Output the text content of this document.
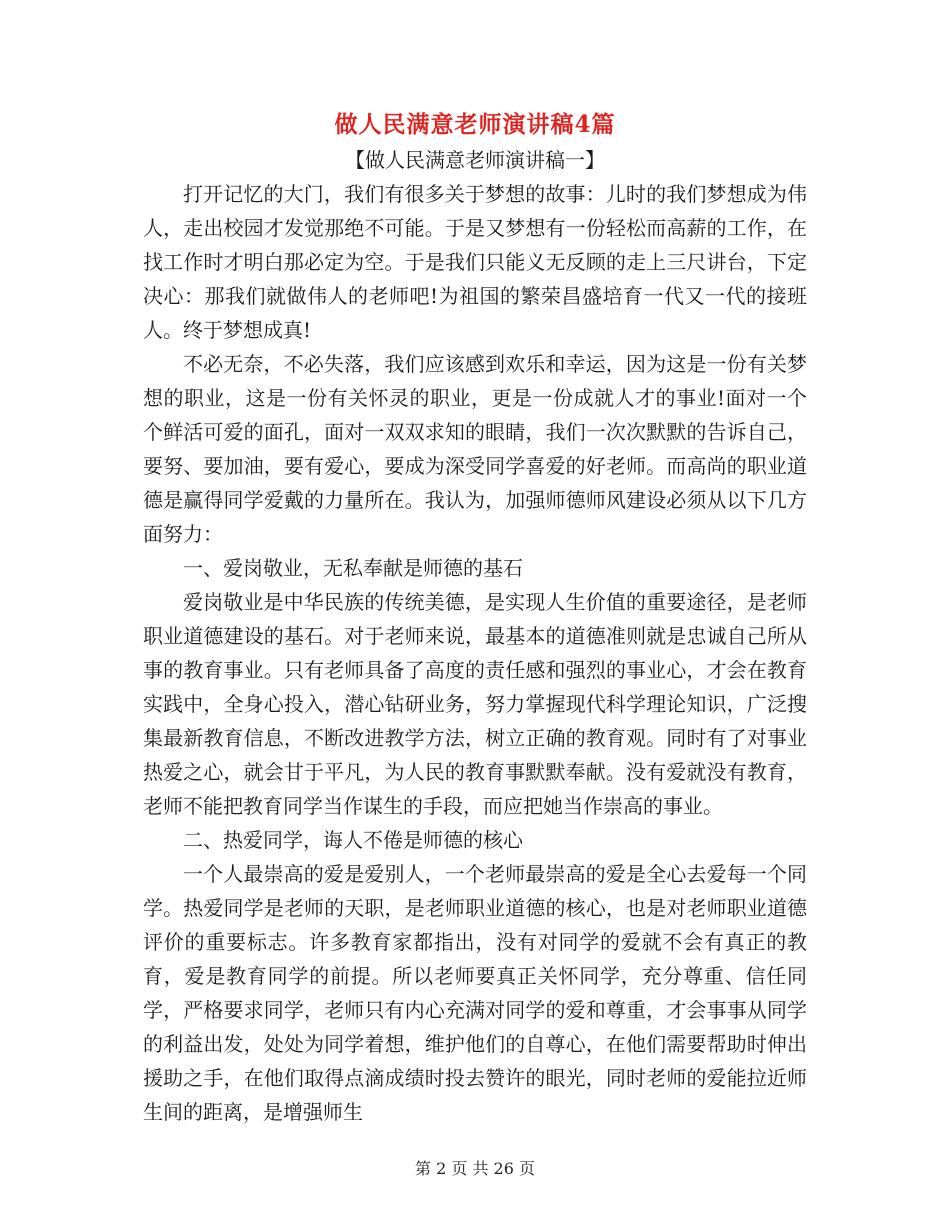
做人民满意老师演讲稿4篇
【做人民满意老师演讲稿一】

打开记忆的大门，我们有很多关于梦想的故事：儿时的我们梦想成为伟人，走出校园才发觉那绝不可能。于是又梦想有一份轻松而高薪的工作，在找工作时才明白那必定为空。于是我们只能义无反顾的走上三尺讲台，下定决心：那我们就做伟人的老师吧!为祖国的繁荣昌盛培育一代又一代的接班人。终于梦想成真!

不必无奈，不必失落，我们应该感到欢乐和幸运，因为这是一份有关梦想的职业，这是一份有关怀灵的职业，更是一份成就人才的事业!面对一个个鲜活可爱的面孔，面对一双双求知的眼睛，我们一次次默默的告诉自己，要努、要加油，要有爱心，要成为深受同学喜爱的好老师。而高尚的职业道德是赢得同学爱戴的力量所在。我认为，加强师德师风建设必须从以下几方面努力：

一、爱岗敬业，无私奉献是师德的基石

爱岗敬业是中华民族的传统美德，是实现人生价值的重要途径，是老师职业道德建设的基石。对于老师来说，最基本的道德准则就是忠诚自己所从事的教育事业。只有老师具备了高度的责任感和强烈的事业心，才会在教育实践中，全身心投入，潜心钻研业务，努力掌握现代科学理论知识，广泛搜集最新教育信息，不断改进教学方法，树立正确的教育观。同时有了对事业热爱之心，就会甘于平凡，为人民的教育事默默奉献。没有爱就没有教育，老师不能把教育同学当作谋生的手段，而应把她当作崇高的事业。

二、热爱同学，诲人不倦是师德的核心

一个人最崇高的爱是爱别人，一个老师最崇高的爱是全心去爱每一个同学。热爱同学是老师的天职，是老师职业道德的核心，也是对老师职业道德评价的重要标志。许多教育家都指出，没有对同学的爱就不会有真正的教育，爱是教育同学的前提。所以老师要真正关怀同学，充分尊重、信任同学，严格要求同学，老师只有内心充满对同学的爱和尊重，才会事事从同学的利益出发，处处为同学着想，维护他们的自尊心，在他们需要帮助时伸出援助之手，在他们取得点滴成绩时投去赞许的眼光，同时老师的爱能拉近师生间的距离，是增强师生

第 2 页 共 26 页
